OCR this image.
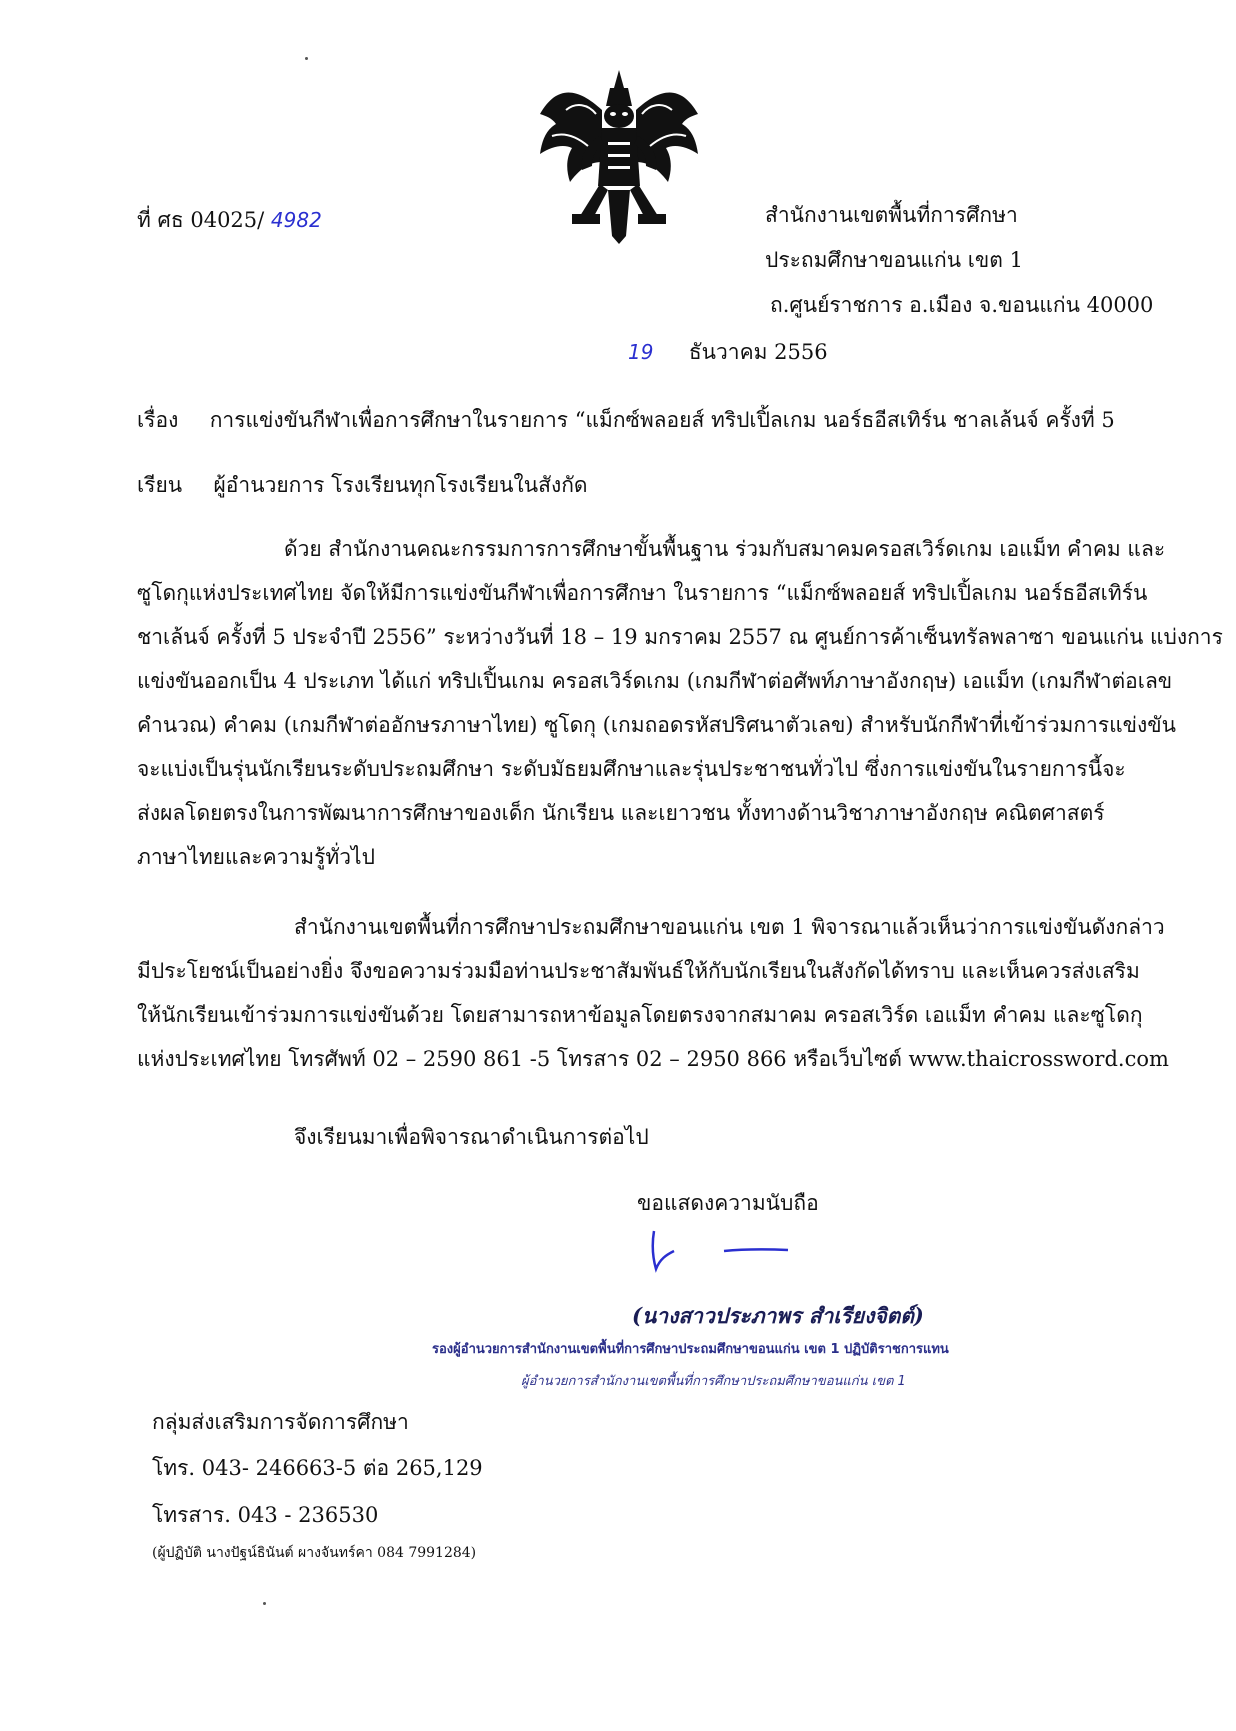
ที่ ศธ 04025/ 4982	สำนักงานเขตพื้นที่การศึกษา
ประถมศึกษาขอนแก่น เขต 1
ถ.ศูนย์ราชการ อ.เมือง จ.ขอนแก่น 40000
19 ธันวาคม 2556
เรื่อง การแข่งขันกีฬาเพื่อการศึกษาในรายการ “แม็กซ์พลอยส์ ทริปเปิ้ลเกม นอร์ธอีสเทิร์น ชาลเล้นจ์ ครั้งที่ 5
เรียน ผู้อำนวยการ โรงเรียนทุกโรงเรียนในสังกัด
ด้วย สำนักงานคณะกรรมการการศึกษาขั้นพื้นฐาน ร่วมกับสมาคมครอสเวิร์ดเกม เอแม็ท คำคม และ
ซูโดกุแห่งประเทศไทย จัดให้มีการแข่งขันกีฬาเพื่อการศึกษา ในรายการ “แม็กซ์พลอยส์ ทริปเปิ้ลเกม นอร์ธอีสเทิร์น
ชาเล้นจ์ ครั้งที่ 5 ประจำปี 2556” ระหว่างวันที่ 18 – 19 มกราคม 2557 ณ ศูนย์การค้าเซ็นทรัลพลาซา ขอนแก่น แบ่งการ
แข่งขันออกเป็น 4 ประเภท ได้แก่ ทริปเปิ้นเกม ครอสเวิร์ดเกม (เกมกีฬาต่อศัพท์ภาษาอังกฤษ) เอแม็ท (เกมกีฬาต่อเลข
คำนวณ) คำคม (เกมกีฬาต่ออักษรภาษาไทย) ซูโดกุ (เกมถอดรหัสปริศนาตัวเลข) สำหรับนักกีฬาที่เข้าร่วมการแข่งขัน
จะแบ่งเป็นรุ่นนักเรียนระดับประถมศึกษา ระดับมัธยมศึกษาและรุ่นประชาชนทั่วไป ซึ่งการแข่งขันในรายการนี้จะ
ส่งผลโดยตรงในการพัฒนาการศึกษาของเด็ก นักเรียน และเยาวชน ทั้งทางด้านวิชาภาษาอังกฤษ คณิตศาสตร์
ภาษาไทยและความรู้ทั่วไป
สำนักงานเขตพื้นที่การศึกษาประถมศึกษาขอนแก่น เขต 1 พิจารณาแล้วเห็นว่าการแข่งขันดังกล่าว
มีประโยชน์เป็นอย่างยิ่ง จึงขอความร่วมมือท่านประชาสัมพันธ์ให้กับนักเรียนในสังกัดได้ทราบ และเห็นควรส่งเสริม
ให้นักเรียนเข้าร่วมการแข่งขันด้วย โดยสามารถหาข้อมูลโดยตรงจากสมาคม ครอสเวิร์ด เอแม็ท คำคม และซูโดกุ
แห่งประเทศไทย โทรศัพท์ 02 – 2590 861 -5 โทรสาร 02 – 2950 866 หรือเว็บไซต์ www.thaicrossword.com
จึงเรียนมาเพื่อพิจารณาดำเนินการต่อไป
ขอแสดงความนับถือ
(นางสาวประภาพร สำเรียงจิตต์)
รองผู้อำนวยการสำนักงานเขตพื้นที่การศึกษาประถมศึกษาขอนแก่น เขต 1 ปฏิบัติราชการแทน
ผู้อำนวยการสำนักงานเขตพื้นที่การศึกษาประถมศึกษาขอนแก่น เขต 1
กลุ่มส่งเสริมการจัดการศึกษา
โทร. 043- 246663-5 ต่อ 265,129
โทรสาร. 043 - 236530
(ผู้ปฏิบัติ นางปัฐน์ธินันต์ ผางจันทร์คา 084 7991284)
